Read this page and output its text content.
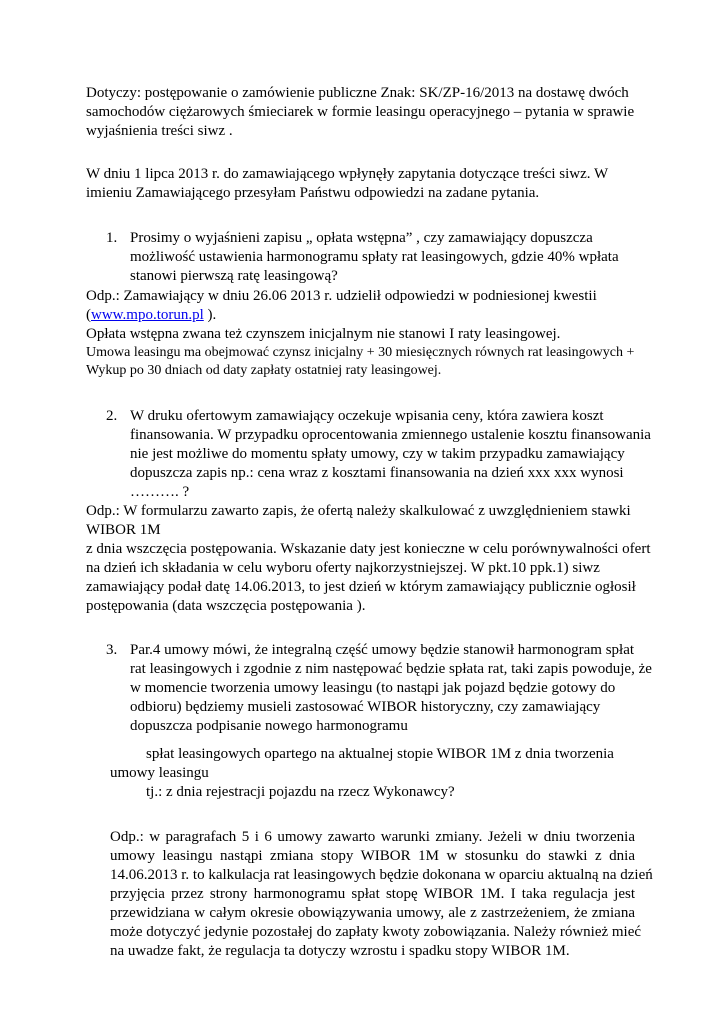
Dotyczy: postępowanie o zamówienie publiczne Znak: SK/ZP-16/2013 na dostawę dwóch

samochodów ciężarowych śmieciarek w formie leasingu operacyjnego – pytania w sprawie

wyjaśnienia treści siwz .

W dniu 1 lipca 2013 r. do zamawiającego wpłynęły zapytania dotyczące treści siwz. W

imieniu Zamawiającego przesyłam Państwu odpowiedzi na zadane pytania.

1. Prosimy o wyjaśnieni zapisu „ opłata wstępna” , czy zamawiający dopuszcza

możliwość ustawienia harmonogramu spłaty rat leasingowych, gdzie 40% wpłata

stanowi pierwszą ratę leasingową?

Odp.: Zamawiający w dniu 26.06 2013 r. udzielił odpowiedzi w podniesionej kwestii

(www.mpo.torun.pl ).

Opłata wstępna zwana też czynszem inicjalnym nie stanowi I raty leasingowej.

Umowa leasingu ma obejmować czynsz inicjalny + 30 miesięcznych równych rat leasingowych +

Wykup po 30 dniach od daty zapłaty ostatniej raty leasingowej.

2. W druku ofertowym zamawiający oczekuje wpisania ceny, która zawiera koszt

finansowania. W przypadku oprocentowania zmiennego ustalenie kosztu finansowania

nie jest możliwe do momentu spłaty umowy, czy w takim przypadku zamawiający

dopuszcza zapis np.: cena wraz z kosztami finansowania na dzień xxx xxx wynosi

………. ?

Odp.: W formularzu zawarto zapis, że ofertą należy skalkulować z uwzględnieniem stawki

WIBOR 1M

z dnia wszczęcia postępowania. Wskazanie daty jest konieczne w celu porównywalności ofert

na dzień ich składania w celu wyboru oferty najkorzystniejszej. W pkt.10 ppk.1) siwz

zamawiający podał datę 14.06.2013, to jest dzień w którym zamawiający publicznie ogłosił

postępowania (data wszczęcia postępowania ).

3. Par.4 umowy mówi, że integralną część umowy będzie stanowił harmonogram spłat

rat leasingowych i zgodnie z nim następować będzie spłata rat, taki zapis powoduje, że

w momencie tworzenia umowy leasingu (to nastąpi jak pojazd będzie gotowy do

odbioru) będziemy musieli zastosować WIBOR historyczny, czy zamawiający

dopuszcza podpisanie nowego harmonogramu

spłat leasingowych opartego na aktualnej stopie WIBOR 1M z dnia tworzenia

umowy leasingu

tj.: z dnia rejestracji pojazdu na rzecz Wykonawcy?

Odp.: w paragrafach 5 i 6 umowy zawarto warunki zmiany. Jeżeli w dniu tworzenia

umowy leasingu nastąpi zmiana stopy WIBOR 1M w stosunku do stawki z dnia

14.06.2013 r. to kalkulacja rat leasingowych będzie dokonana w oparciu aktualną na dzień

przyjęcia przez strony harmonogramu spłat stopę WIBOR 1M. I taka regulacja jest

przewidziana w całym okresie obowiązywania umowy, ale z zastrzeżeniem, że zmiana

może dotyczyć jedynie pozostałej do zapłaty kwoty zobowiązania. Należy również mieć

na uwadze fakt, że regulacja ta dotyczy wzrostu i spadku stopy WIBOR 1M.
